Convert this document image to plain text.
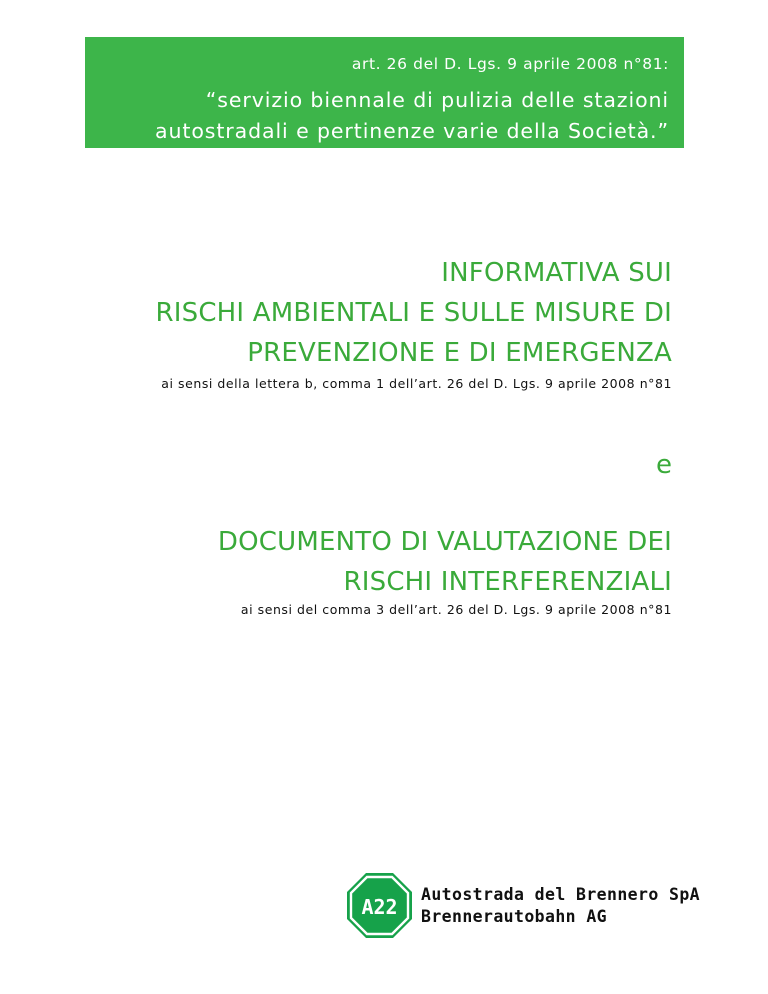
art. 26 del D. Lgs. 9 aprile 2008 n°81:
“servizio biennale di pulizia delle stazioni
autostradali e pertinenze varie della Società.”
INFORMATIVA SUI
RISCHI AMBIENTALI E SULLE MISURE DI
PREVENZIONE E DI EMERGENZA
ai sensi della lettera b, comma 1 dell’art. 26 del D. Lgs. 9 aprile 2008 n°81
e
DOCUMENTO DI VALUTAZIONE DEI
RISCHI INTERFERENZIALI
ai sensi del comma 3 dell’art. 26 del D. Lgs. 9 aprile 2008 n°81
A22
Autostrada del Brennero SpA
Brennerautobahn AG
